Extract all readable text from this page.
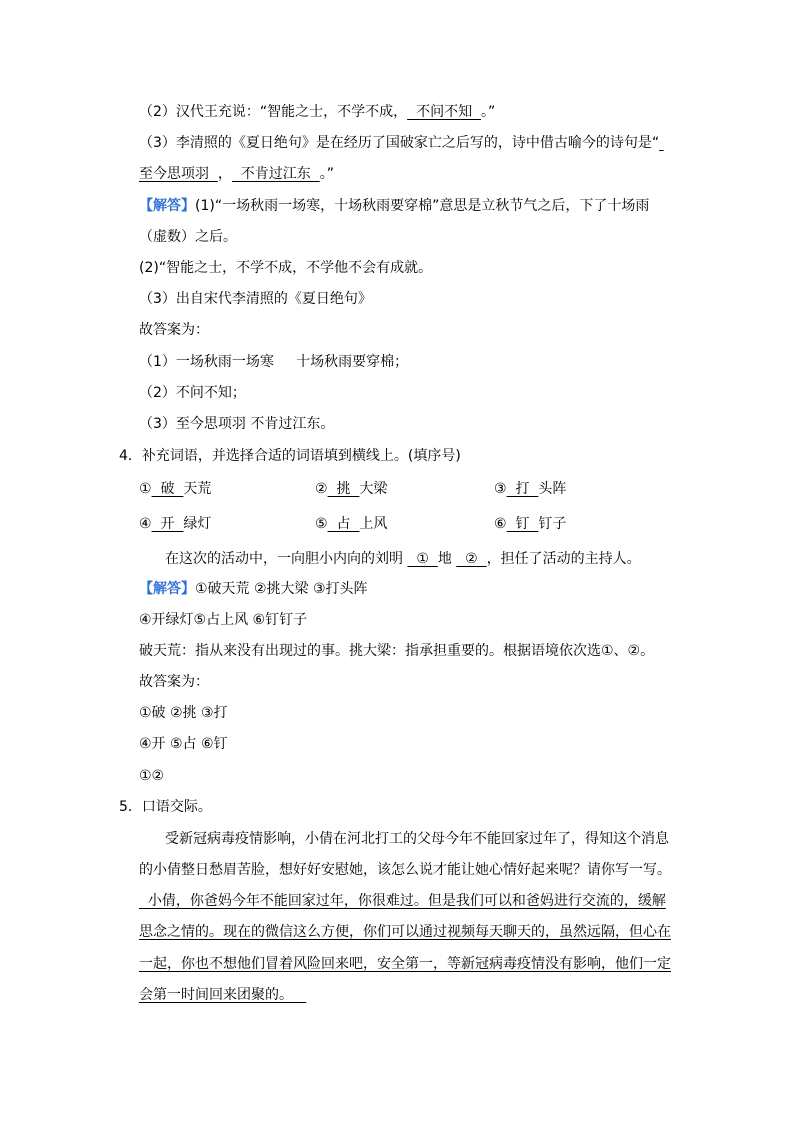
（2）汉代王充说：“智能之士，不学不成，  不问不知  。”
（3）李清照的《夏日绝句》是在经历了国破家亡之后写的，诗中借古喻今的诗句是“
至今思项羽  ，  不肯过江东  。”
【解答】(1)“一场秋雨一场寒，十场秋雨要穿棉”意思是立秋节气之后，下了十场雨
（虚数）之后。
(2)“智能之士，不学不成，不学他不会有成就。
（3）出自宋代李清照的《夏日绝句》
故答案为：
（1）一场秋雨一场寒     十场秋雨要穿棉；
（2）不问不知；
（3）至今思项羽 不肯过江东。
4．补充词语，并选择合适的词语填到横线上。(填序号)
①  破  天荒	②  挑  大梁	③  打  头阵
④  开  绿灯	⑤  占  上风	⑥  钉  钉子
在这次的活动中，一向胆小内向的刘明   ①  地   ②  ，担任了活动的主持人。
【解答】①破天荒 ②挑大梁 ③打头阵
④开绿灯⑤占上风 ⑥钉钉子
破天荒：指从来没有出现过的事。挑大梁：指承担重要的。根据语境依次选①、②。
故答案为：
①破 ②挑 ③打
④开 ⑤占 ⑥钉
①②
5．口语交际。
受新冠病毒疫情影响，小倩在河北打工的父母今年不能回家过年了，得知这个消息
的小倩整日愁眉苦脸，想好好安慰她，该怎么说才能让她心情好起来呢？请你写一写。
小倩，你爸妈今年不能回家过年，你很难过。但是我们可以和爸妈进行交流的，缓解
思念之情的。现在的微信这么方便，你们可以通过视频每天聊天的，虽然远隔，但心在
一起，你也不想他们冒着风险回来吧，安全第一，等新冠病毒疫情没有影响，他们一定
会第一时间回来团聚的。
